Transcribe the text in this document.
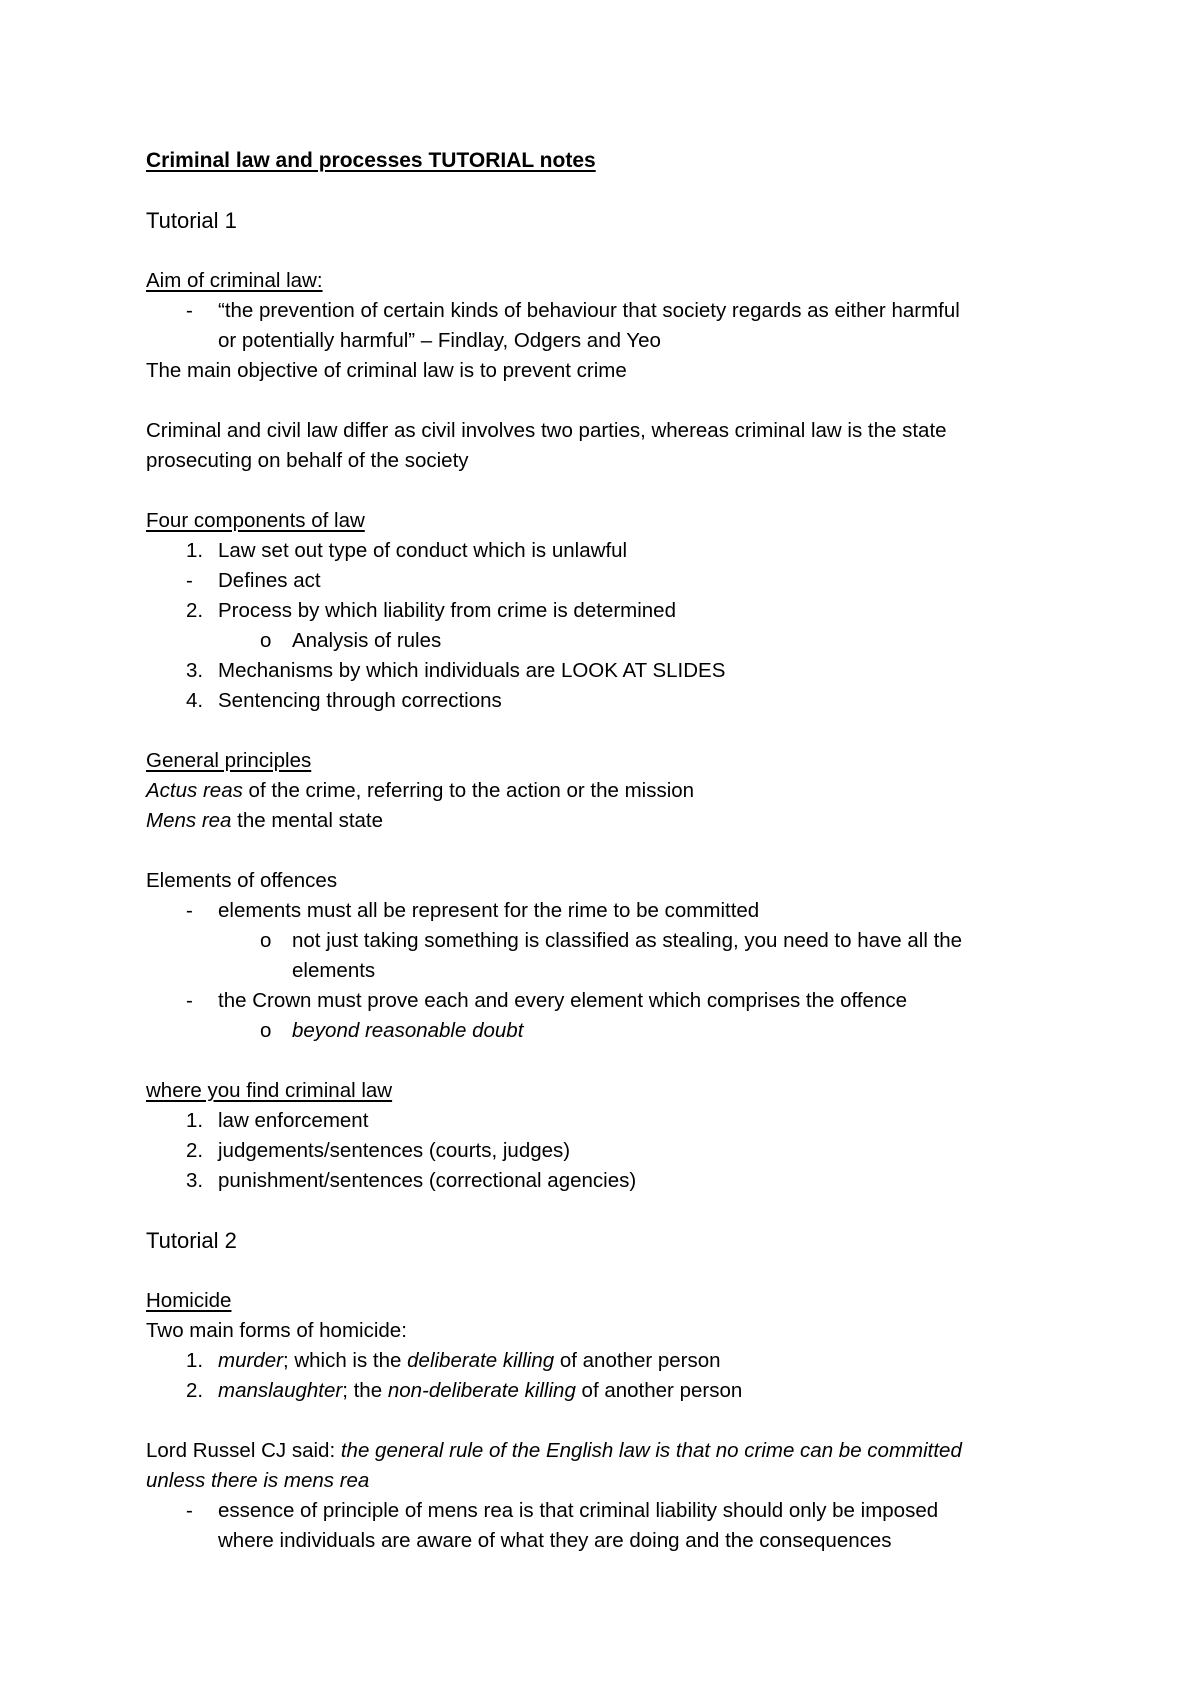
Criminal law and processes TUTORIAL notes
Tutorial 1
Aim of criminal law:
- “the prevention of certain kinds of behaviour that society regards as either harmful
or potentially harmful” – Findlay, Odgers and Yeo
The main objective of criminal law is to prevent crime
Criminal and civil law differ as civil involves two parties, whereas criminal law is the state
prosecuting on behalf of the society
Four components of law
1. Law set out type of conduct which is unlawful
- Defines act
2. Process by which liability from crime is determined
o Analysis of rules
3. Mechanisms by which individuals are LOOK AT SLIDES
4. Sentencing through corrections
General principles
Actus reas of the crime, referring to the action or the mission
Mens rea the mental state
Elements of offences
- elements must all be represent for the rime to be committed
o not just taking something is classified as stealing, you need to have all the
elements
- the Crown must prove each and every element which comprises the offence
o beyond reasonable doubt
where you find criminal law
1. law enforcement
2. judgements/sentences (courts, judges)
3. punishment/sentences (correctional agencies)
Tutorial 2
Homicide
Two main forms of homicide:
1. murder; which is the deliberate killing of another person
2. manslaughter; the non-deliberate killing of another person
Lord Russel CJ said: the general rule of the English law is that no crime can be committed
unless there is mens rea
- essence of principle of mens rea is that criminal liability should only be imposed
where individuals are aware of what they are doing and the consequences
